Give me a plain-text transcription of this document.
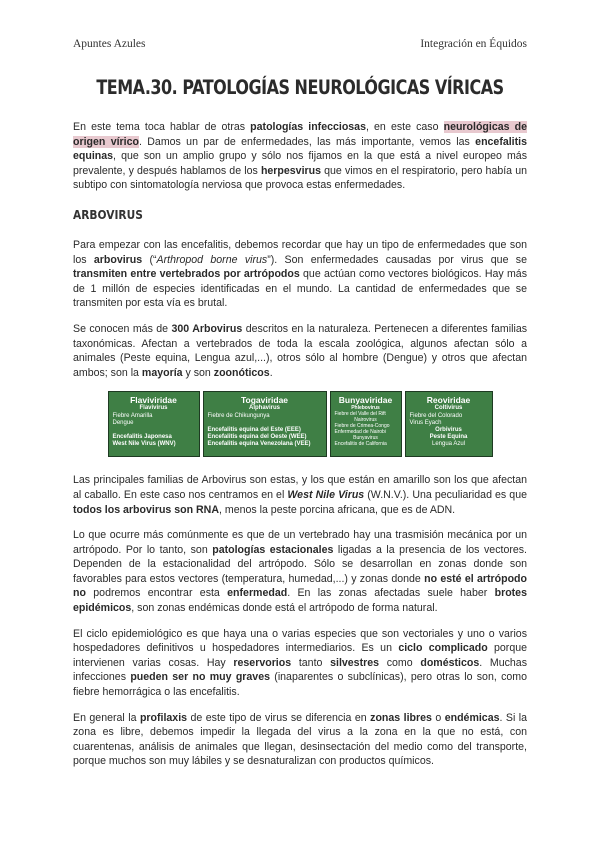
Apuntes Azules	Integración en Équidos
TEMA.30. PATOLOGÍAS NEUROLÓGICAS VÍRICAS

En este tema toca hablar de otras patologías infecciosas, en este caso neurológicas de origen vírico. Damos un par de enfermedades, las más importante, vemos las encefalitis equinas, que son un amplio grupo y sólo nos fijamos en la que está a nivel europeo más prevalente, y después hablamos de los herpesvirus que vimos en el respiratorio, pero había un subtipo con sintomatología nerviosa que provoca estas enfermedades.

ARBOVIRUS

Para empezar con las encefalitis, debemos recordar que hay un tipo de enfermedades que son los arbovirus (“Arthropod borne virus”). Son enfermedades causadas por virus que se transmiten entre vertebrados por artrópodos que actúan como vectores biológicos. Hay más de 1 millón de especies identificadas en el mundo. La cantidad de enfermedades que se transmiten por esta vía es brutal.

Se conocen más de 300 Arbovirus descritos en la naturaleza. Pertenecen a diferentes familias taxonómicas. Afectan a vertebrados de toda la escala zoológica, algunos afectan sólo a animales (Peste equina, Lengua azul,...), otros sólo al hombre (Dengue) y otros que afectan ambos; son la mayoría y son zoonóticos.

Flaviviridae
Flavivirus
Fiebre Amarilla
Dengue

Encefalitis Japonesa
West Nile Virus (WNV)
Togaviridae
Alphavirus
Fiebre de Chikungunya

Encefalitis equina del Este (EEE)
Encefalitis equina del Oeste (WEE)
Encefalitis equina Venezolana (VEE)
Bunyaviridae
Phlebovirus
Fiebre del Valle del Rift
Nairovirus
Fiebre de Crimea-Congo
Enfermedad de Nairobi
Bunyavirus
Encefalitis de California
Reoviridae
Coltivirus
Fiebre del Colorado
Virus Eyach
Orbivirus
Peste Equina
Lengua Azul

Las principales familias de Arbovirus son estas, y los que están en amarillo son los que afectan al caballo. En este caso nos centramos en el West Nile Virus (W.N.V.). Una peculiaridad es que todos los arbovirus son RNA, menos la peste porcina africana, que es de ADN.

Lo que ocurre más comúnmente es que de un vertebrado hay una trasmisión mecánica por un artrópodo. Por lo tanto, son patologías estacionales ligadas a la presencia de los vectores. Dependen de la estacionalidad del artrópodo. Sólo se desarrollan en zonas donde son favorables para estos vectores (temperatura, humedad,...) y zonas donde no esté el artrópodo no podremos encontrar esta enfermedad. En las zonas afectadas suele haber brotes epidémicos, son zonas endémicas donde está el artrópodo de forma natural.

El ciclo epidemiológico es que haya una o varias especies que son vectoriales y uno o varios hospedadores definitivos u hospedadores intermediarios. Es un ciclo complicado porque intervienen varias cosas. Hay reservorios tanto silvestres como domésticos. Muchas infecciones pueden ser no muy graves (inaparentes o subclínicas), pero otras lo son, como fiebre hemorrágica o las encefalitis.

En general la profilaxis de este tipo de virus se diferencia en zonas libres o endémicas. Si la zona es libre, debemos impedir la llegada del virus a la zona en la que no está, con cuarentenas, análisis de animales que llegan, desinsectación del medio como del transporte, porque muchos son muy lábiles y se desnaturalizan con productos químicos.
